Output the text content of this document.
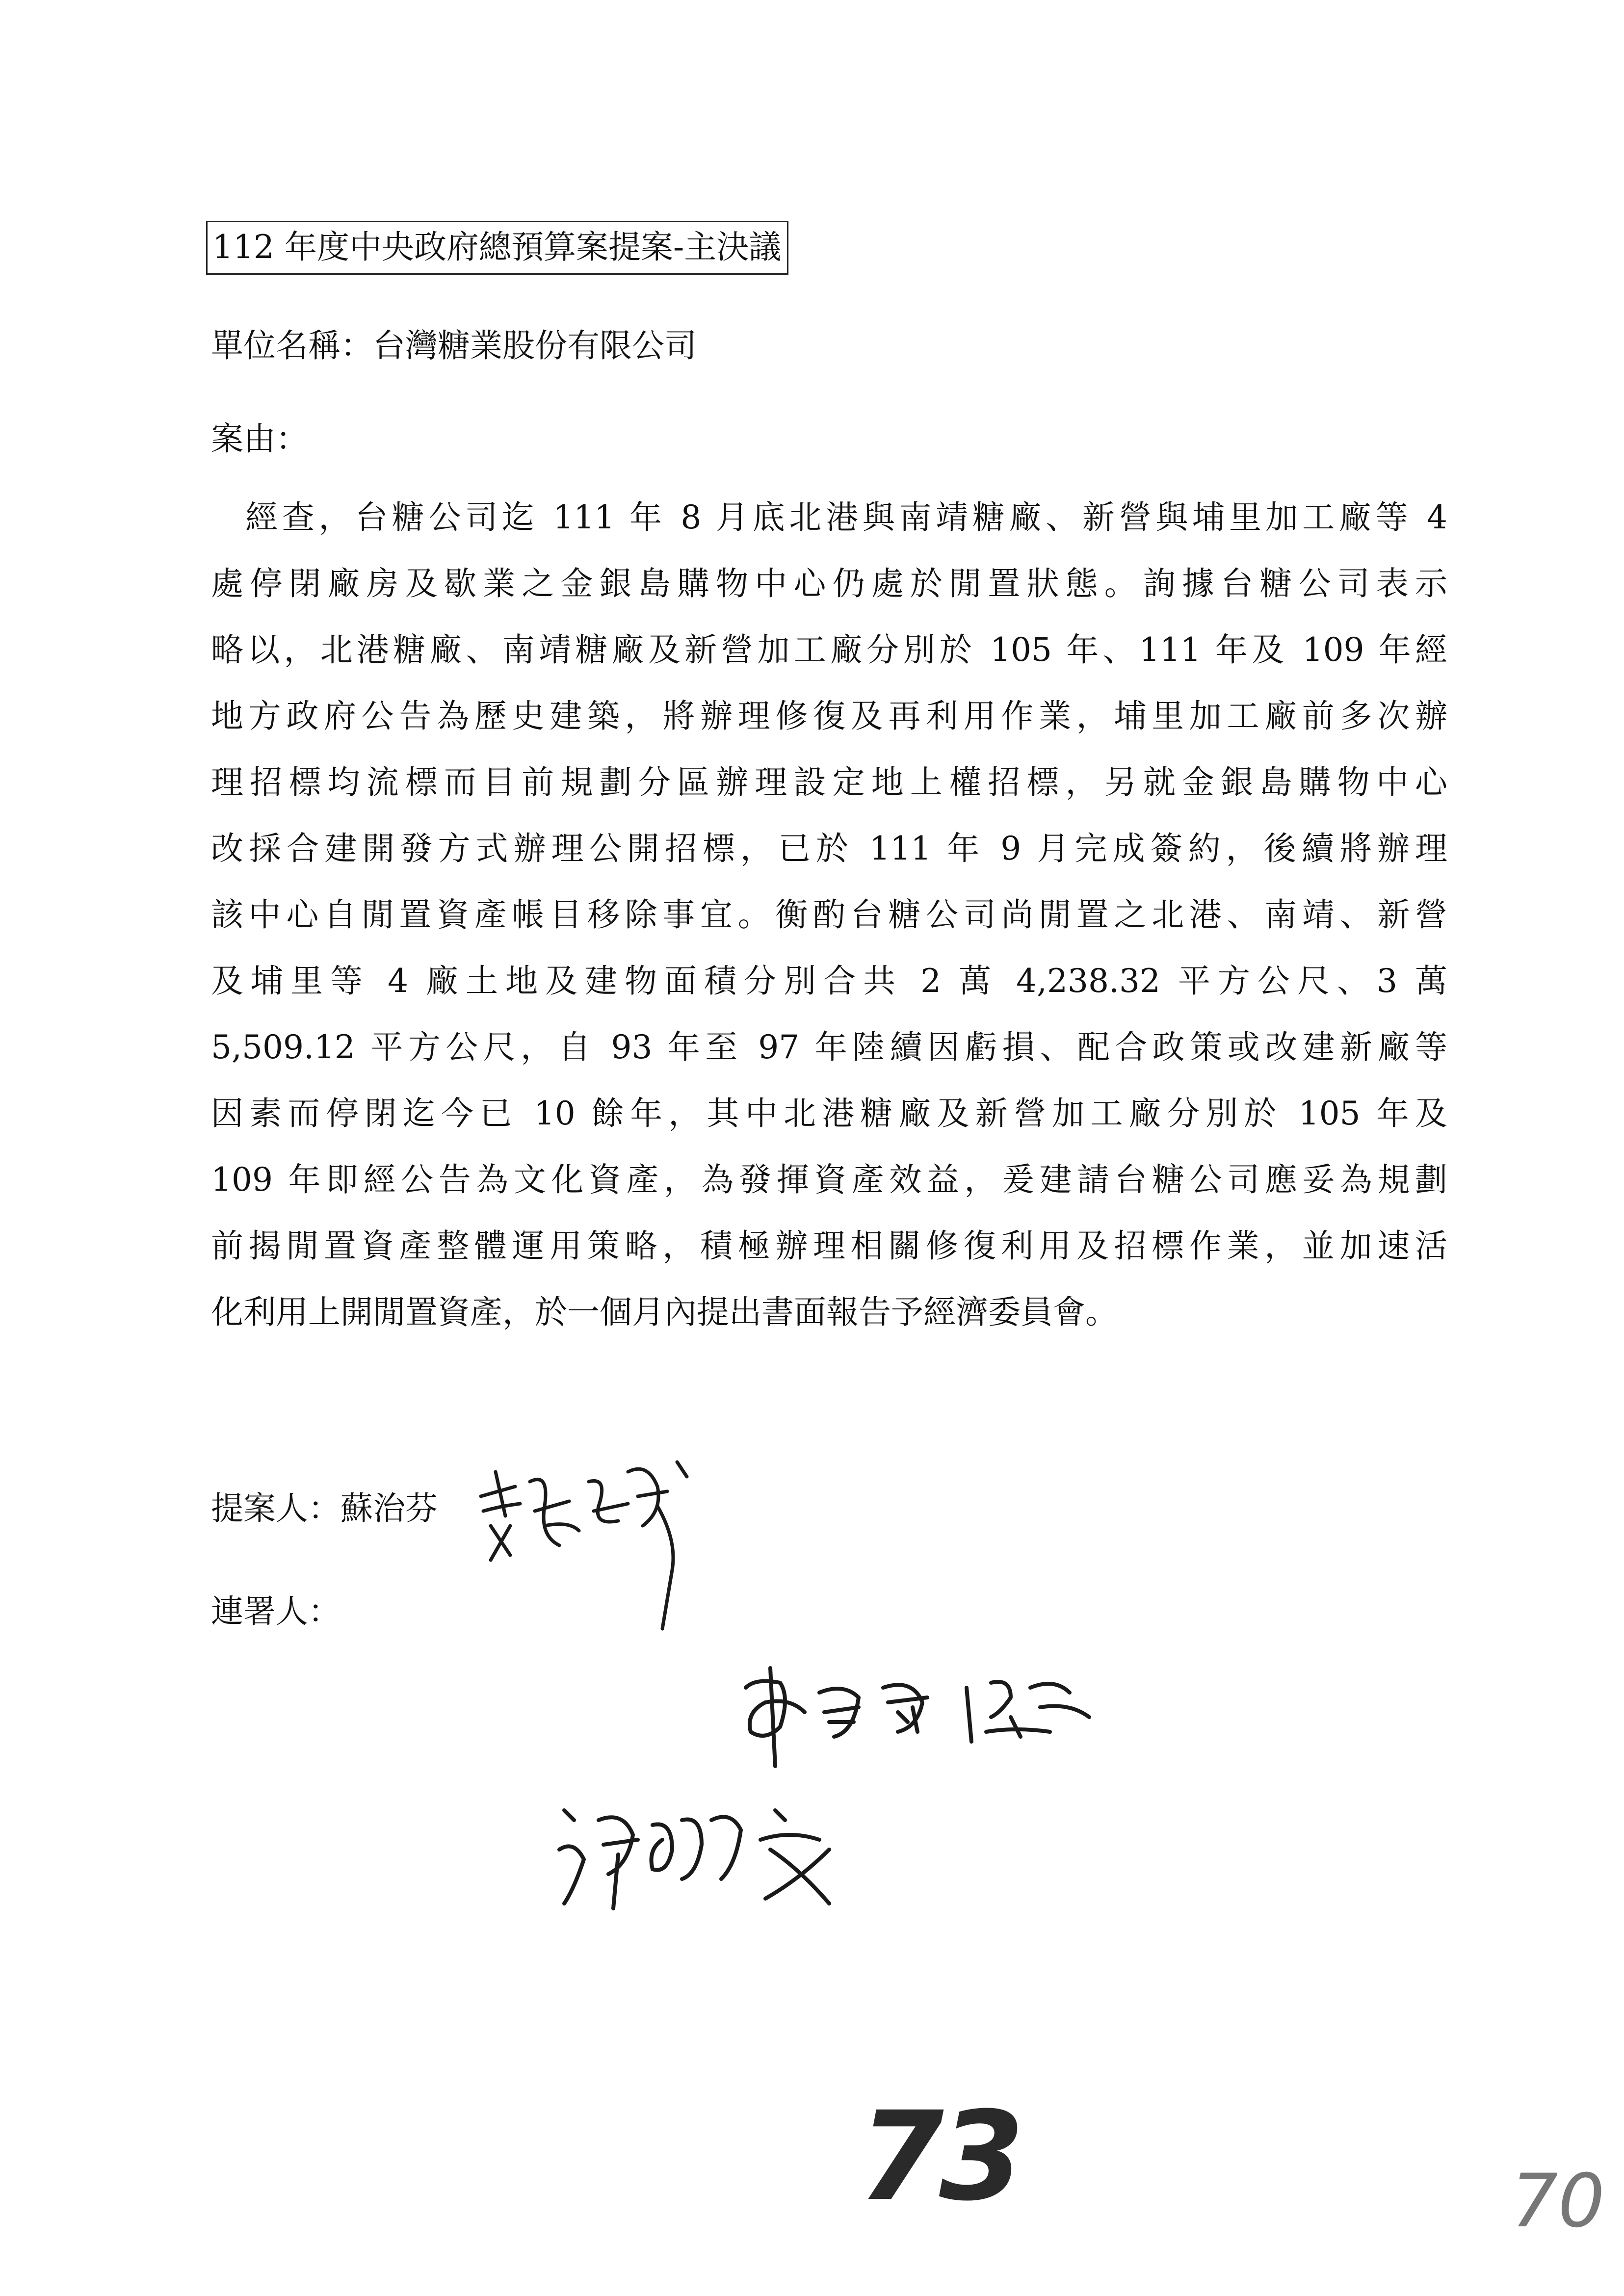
112 年度中央政府總預算案提案-主決議
單位名稱：台灣糖業股份有限公司
案由：
經查，台糖公司迄 111 年 8 月底北港與南靖糖廠、新營與埔里加工廠等 4
處停閉廠房及歇業之金銀島購物中心仍處於閒置狀態。詢據台糖公司表示
略以，北港糖廠、南靖糖廠及新營加工廠分別於 105 年、111 年及 109 年經
地方政府公告為歷史建築，將辦理修復及再利用作業，埔里加工廠前多次辦
理招標均流標而目前規劃分區辦理設定地上權招標，另就金銀島購物中心
改採合建開發方式辦理公開招標，已於 111 年 9 月完成簽約，後續將辦理
該中心自閒置資產帳目移除事宜。衡酌台糖公司尚閒置之北港、南靖、新營
及埔里等 4 廠土地及建物面積分別合共 2 萬 4,238.32 平方公尺、3 萬
5,509.12 平方公尺，自 93 年至 97 年陸續因虧損、配合政策或改建新廠等
因素而停閉迄今已 10 餘年，其中北港糖廠及新營加工廠分別於 105 年及
109 年即經公告為文化資產，為發揮資產效益，爰建請台糖公司應妥為規劃
前揭閒置資產整體運用策略，積極辦理相關修復利用及招標作業，並加速活
化利用上開閒置資產，於一個月內提出書面報告予經濟委員會。
提案人：蘇治芬
連署人：
73	70
